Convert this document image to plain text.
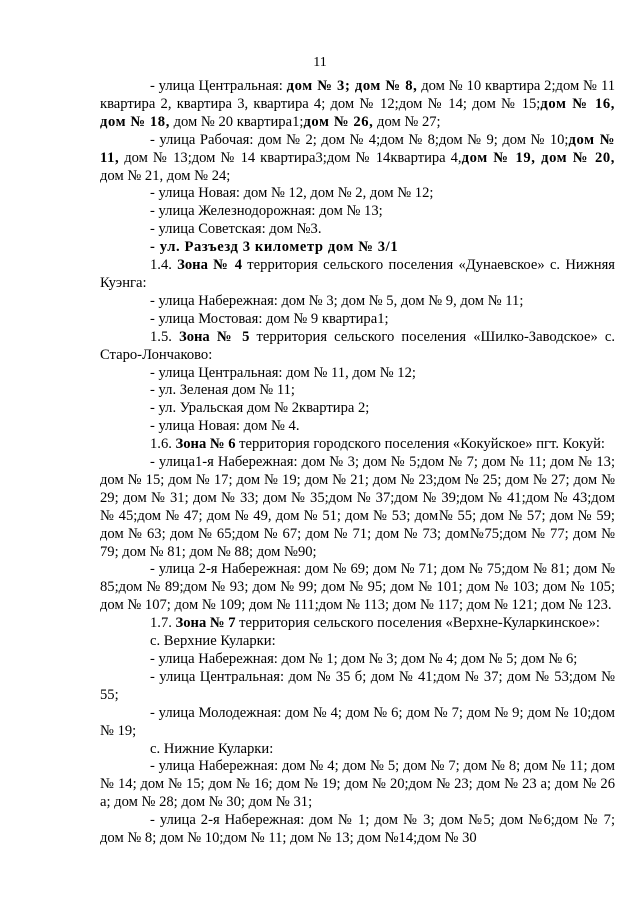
11

- улица Центральная: дом № 3; дом № 8, дом № 10 квартира 2;дом № 11 квартира 2, квартира 3, квартира 4; дом № 12;дом № 14; дом № 15;дом № 16, дом № 18, дом № 20 квартира1;дом № 26, дом № 27;

- улица Рабочая: дом № 2; дом № 4;дом № 8;дом № 9; дом № 10;дом № 11, дом № 13;дом № 14 квартира3;дом № 14квартира 4,дом № 19, дом № 20, дом № 21, дом № 24;

- улица Новая: дом № 12, дом № 2, дом № 12;

- улица Железнодорожная: дом № 13;

- улица Советская: дом №3.

- ул. Разъезд 3 километр дом № 3/1

1.4. Зона № 4 территория сельского поселения «Дунаевское» с. Нижняя Куэнга:

- улица Набережная: дом № 3; дом № 5, дом № 9, дом № 11;

- улица Мостовая: дом № 9 квартира1;

1.5. Зона № 5 территория сельского поселения «Шилко-Заводское» с. Старо-Лончаково:

- улица Центральная: дом № 11, дом № 12;

- ул. Зеленая дом № 11;

- ул. Уральская дом № 2квартира 2;

- улица Новая: дом № 4.

1.6. Зона № 6 территория городского поселения «Кокуйское» пгт. Кокуй:

- улица1-я Набережная: дом № 3; дом № 5;дом № 7; дом № 11; дом № 13; дом № 15; дом № 17; дом № 19; дом № 21; дом № 23;дом № 25; дом № 27; дом № 29; дом № 31; дом № 33; дом № 35;дом № 37;дом № 39;дом № 41;дом № 43;дом № 45;дом № 47; дом № 49, дом № 51; дом № 53; дом№ 55; дом № 57; дом № 59; дом № 63; дом № 65;дом № 67; дом № 71; дом № 73; дом№75;дом № 77; дом № 79; дом № 81; дом № 88; дом №90;

- улица 2-я Набережная: дом № 69; дом № 71; дом № 75;дом № 81; дом № 85;дом № 89;дом № 93; дом № 99; дом № 95; дом № 101; дом № 103; дом № 105; дом № 107; дом № 109; дом № 111;дом № 113; дом № 117; дом № 121; дом № 123.

1.7. Зона № 7 территория сельского поселения «Верхне-Куларкинское»:

с. Верхние Куларки:

- улица Набережная: дом № 1; дом № 3; дом № 4; дом № 5; дом № 6;

- улица Центральная: дом № 35 б; дом № 41;дом № 37; дом № 53;дом № 55;

- улица Молодежная: дом № 4; дом № 6; дом № 7; дом № 9; дом № 10;дом № 19;

с. Нижние Куларки:

- улица Набережная: дом № 4; дом № 5; дом № 7; дом № 8; дом № 11; дом № 14; дом № 15; дом № 16; дом № 19; дом № 20;дом № 23; дом № 23 а; дом № 26 а; дом № 28; дом № 30; дом № 31;

- улица 2-я Набережная: дом № 1; дом № 3; дом №5; дом №6;дом № 7; дом № 8; дом № 10;дом № 11; дом № 13; дом №14;дом № 30
